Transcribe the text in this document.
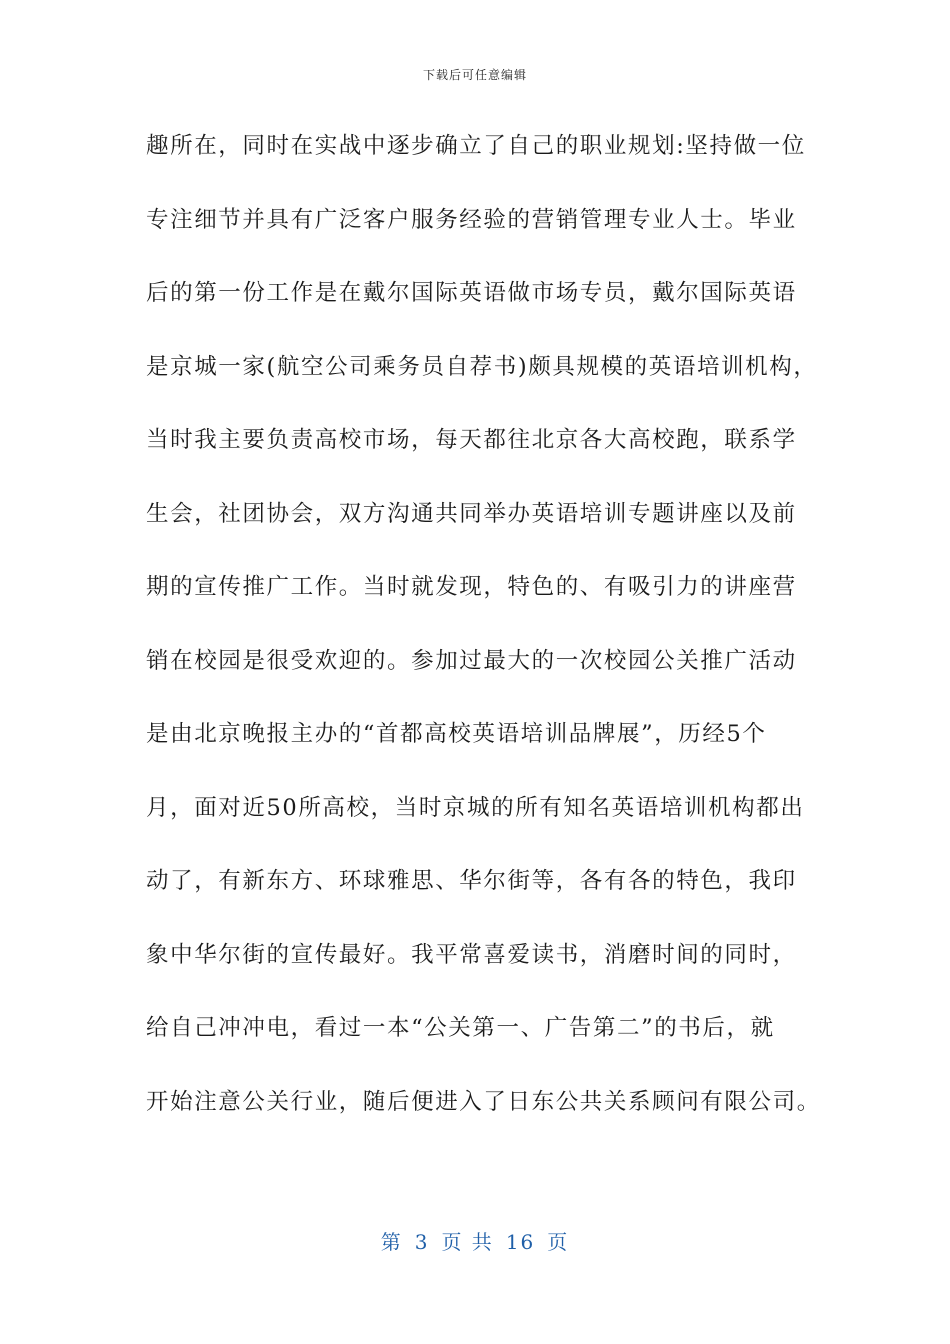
下载后可任意编辑
趣所在，同时在实战中逐步确立了自己的职业规划:坚持做一位
专注细节并具有广泛客户服务经验的营销管理专业人士。毕业
后的第一份工作是在戴尔国际英语做市场专员，戴尔国际英语
是京城一家(航空公司乘务员自荐书)颇具规模的英语培训机构，
当时我主要负责高校市场，每天都往北京各大高校跑，联系学
生会，社团协会，双方沟通共同举办英语培训专题讲座以及前
期的宣传推广工作。当时就发现，特色的、有吸引力的讲座营
销在校园是很受欢迎的。参加过最大的一次校园公关推广活动
是由北京晚报主办的“首都高校英语培训品牌展”，历经5个
月，面对近50所高校，当时京城的所有知名英语培训机构都出
动了，有新东方、环球雅思、华尔街等，各有各的特色，我印
象中华尔街的宣传最好。我平常喜爱读书，消磨时间的同时，
给自己冲冲电，看过一本“公关第一、广告第二”的书后，就
开始注意公关行业，随后便进入了日东公共关系顾问有限公司。
第 3 页 共 16 页
